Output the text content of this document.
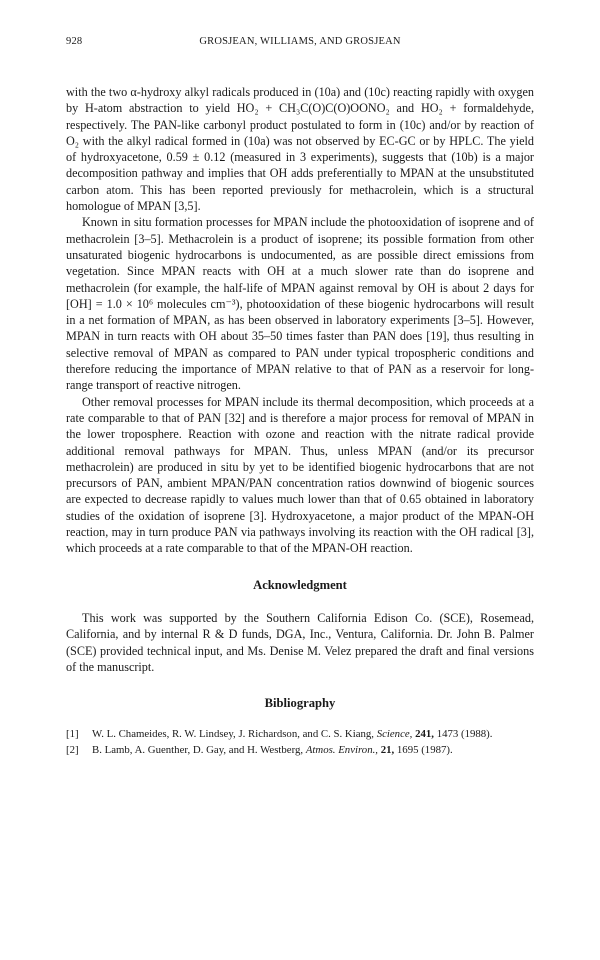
928	GROSJEAN, WILLIAMS, AND GROSJEAN

with the two α-hydroxy alkyl radicals produced in (10a) and (10c) reacting rapidly with oxygen by H-atom abstraction to yield HO₂ + CH₃C(O)C(O)OONO₂ and HO₂ + formaldehyde, respectively. The PAN-like carbonyl product postulated to form in (10c) and/or by reaction of O₂ with the alkyl radical formed in (10a) was not observed by EC-GC or by HPLC. The yield of hydroxyacetone, 0.59 ± 0.12 (measured in 3 experiments), suggests that (10b) is a major decomposition pathway and implies that OH adds preferentially to MPAN at the unsubstituted carbon atom. This has been reported previously for methacrolein, which is a structural homologue of MPAN [3,5].

Known in situ formation processes for MPAN include the photooxidation of isoprene and of methacrolein [3–5]. Methacrolein is a product of isoprene; its possible formation from other unsaturated biogenic hydrocarbons is undocumented, as are possible direct emissions from vegetation. Since MPAN reacts with OH at a much slower rate than do isoprene and methacrolein (for example, the half-life of MPAN against removal by OH is about 2 days for [OH] = 1.0 × 10⁶ molecules cm⁻³), photooxidation of these biogenic hydrocarbons will result in a net formation of MPAN, as has been observed in laboratory experiments [3–5]. However, MPAN in turn reacts with OH about 35–50 times faster than PAN does [19], thus resulting in selective removal of MPAN as compared to PAN under typical tropospheric conditions and therefore reducing the importance of MPAN relative to that of PAN as a reservoir for long-range transport of reactive nitrogen.

Other removal processes for MPAN include its thermal decomposition, which proceeds at a rate comparable to that of PAN [32] and is therefore a major process for removal of MPAN in the lower troposphere. Reaction with ozone and reaction with the nitrate radical provide additional removal pathways for MPAN. Thus, unless MPAN (and/or its precursor methacrolein) are produced in situ by yet to be identified biogenic hydrocarbons that are not precursors of PAN, ambient MPAN/PAN concentration ratios downwind of biogenic sources are expected to decrease rapidly to values much lower than that of 0.65 obtained in laboratory studies of the oxidation of isoprene [3]. Hydroxyacetone, a major product of the MPAN-OH reaction, may in turn produce PAN via pathways involving its reaction with the OH radical [3], which proceeds at a rate comparable to that of the MPAN-OH reaction.

Acknowledgment

This work was supported by the Southern California Edison Co. (SCE), Rosemead, California, and by internal R & D funds, DGA, Inc., Ventura, California. Dr. John B. Palmer (SCE) provided technical input, and Ms. Denise M. Velez prepared the draft and final versions of the manuscript.

Bibliography
[1] W. L. Chameides, R. W. Lindsey, J. Richardson, and C. S. Kiang, Science, 241, 1473 (1988).
[2] B. Lamb, A. Guenther, D. Gay, and H. Westberg, Atmos. Environ., 21, 1695 (1987).
